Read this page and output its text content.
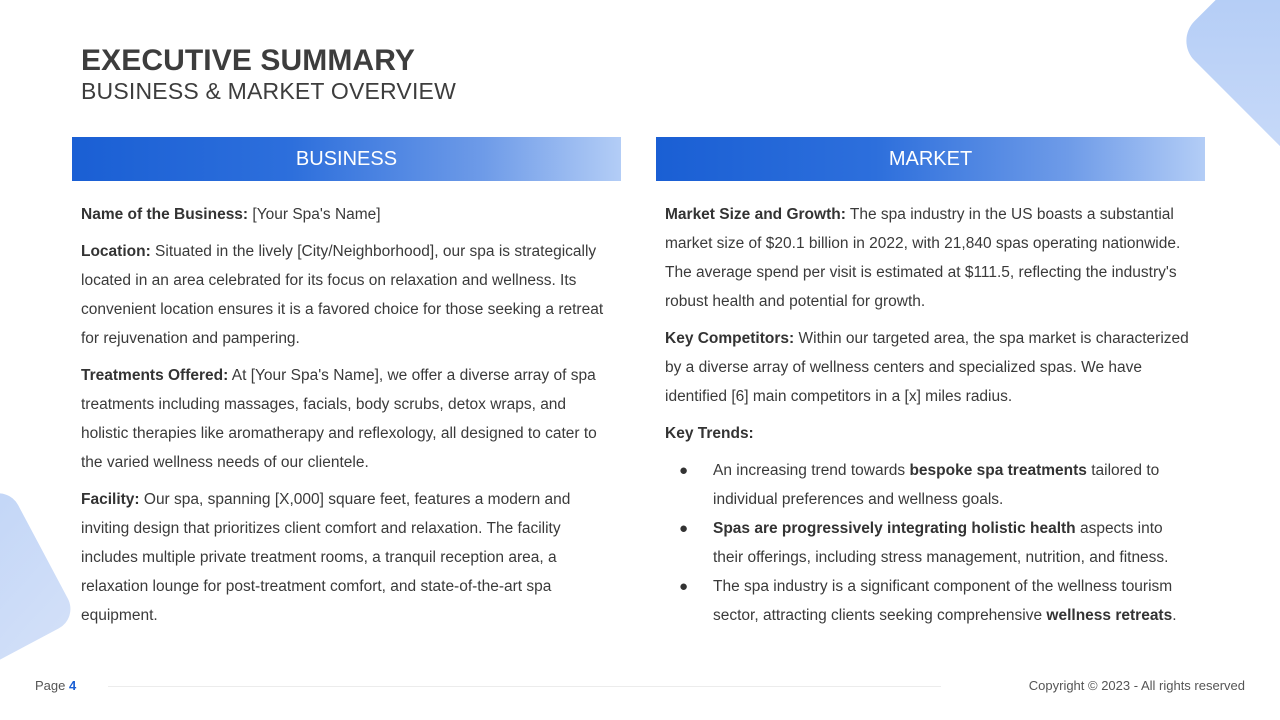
EXECUTIVE SUMMARY
BUSINESS & MARKET OVERVIEW
BUSINESS

Name of the Business: [Your Spa's Name]

Location: Situated in the lively [City/Neighborhood], our spa is strategically located in an area celebrated for its focus on relaxation and wellness. Its convenient location ensures it is a favored choice for those seeking a retreat for rejuvenation and pampering.

Treatments Offered: At [Your Spa's Name], we offer a diverse array of spa treatments including massages, facials, body scrubs, detox wraps, and holistic therapies like aromatherapy and reflexology, all designed to cater to the varied wellness needs of our clientele.

Facility: Our spa, spanning [X,000] square feet, features a modern and inviting design that prioritizes client comfort and relaxation. The facility includes multiple private treatment rooms, a tranquil reception area, a relaxation lounge for post-treatment comfort, and state-of-the-art spa equipment.

MARKET

Market Size and Growth: The spa industry in the US boasts a substantial market size of $20.1 billion in 2022, with 21,840 spas operating nationwide. The average spend per visit is estimated at $111.5, reflecting the industry's robust health and potential for growth.

Key Competitors: Within our targeted area, the spa market is characterized by a diverse array of wellness centers and specialized spas. We have identified [6] main competitors in a [x] miles radius.

Key Trends:

● An increasing trend towards bespoke spa treatments tailored to individual preferences and wellness goals.
● Spas are progressively integrating holistic health aspects into their offerings, including stress management, nutrition, and fitness.
● The spa industry is a significant component of the wellness tourism sector, attracting clients seeking comprehensive wellness retreats.
Page 4	Copyright © 2023 - All rights reserved
